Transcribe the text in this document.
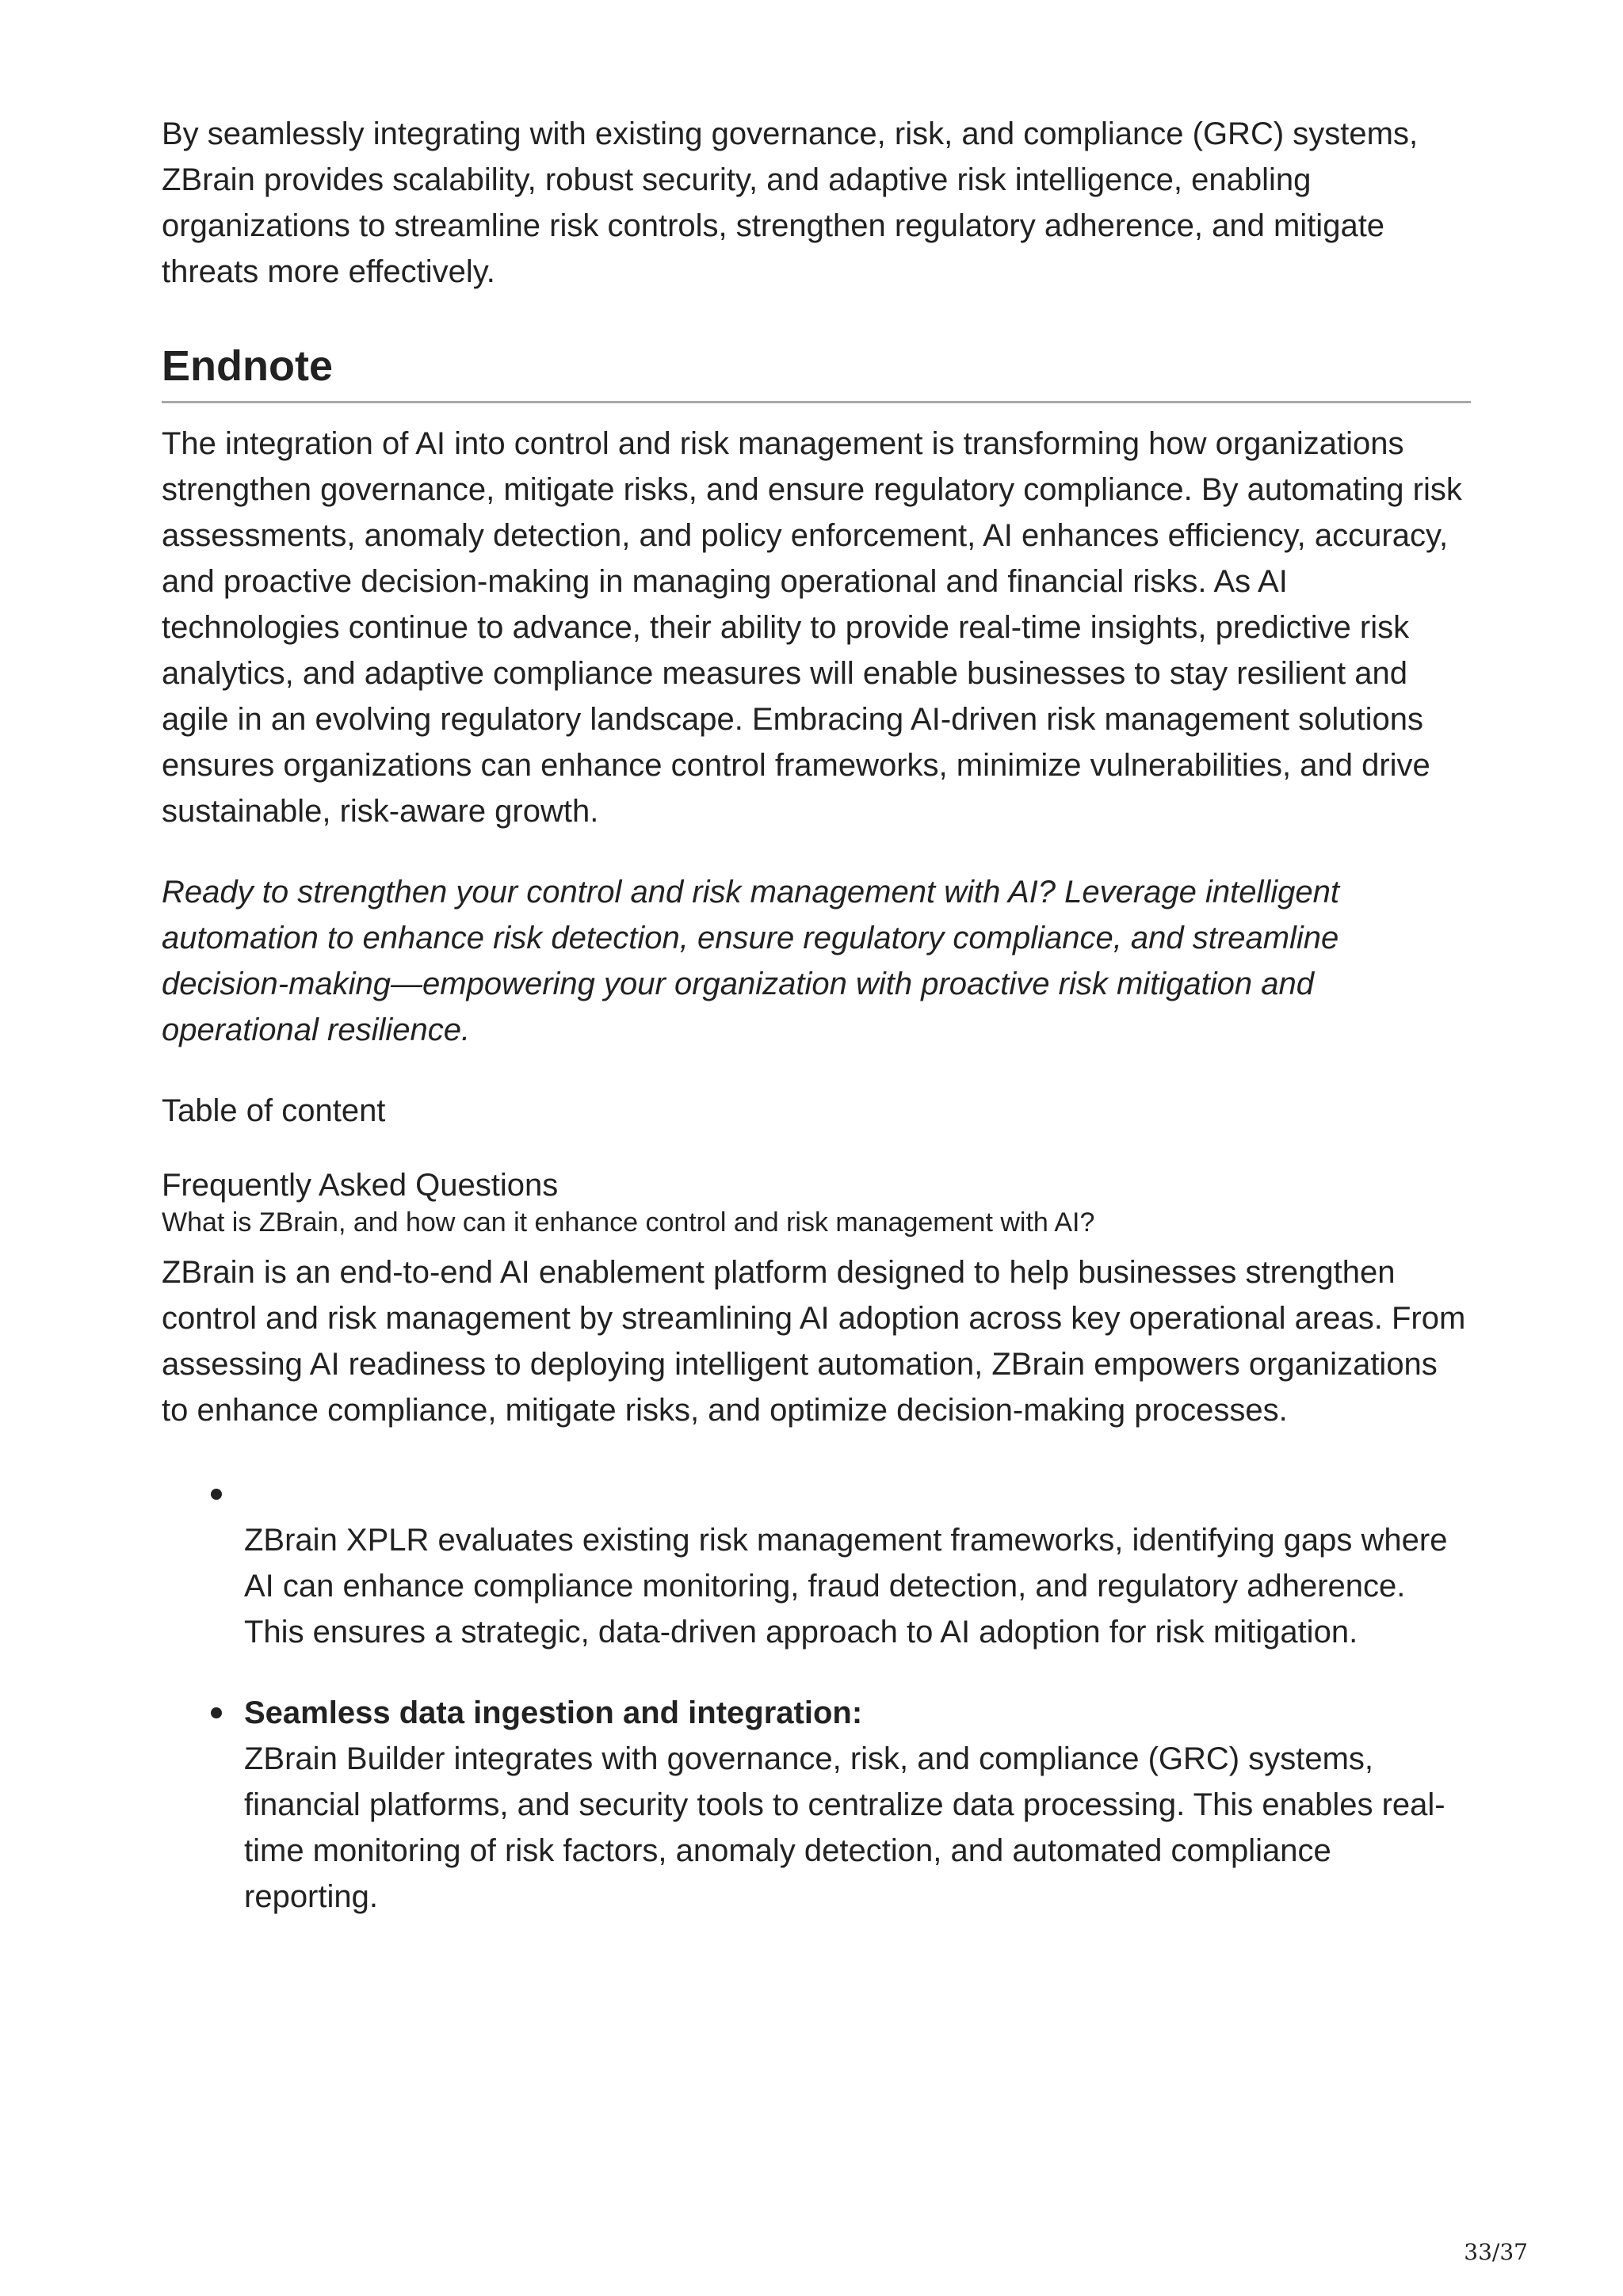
By seamlessly integrating with existing governance, risk, and compliance (GRC) systems, ZBrain provides scalability, robust security, and adaptive risk intelligence, enabling organizations to streamline risk controls, strengthen regulatory adherence, and mitigate threats more effectively.

Endnote

The integration of AI into control and risk management is transforming how organizations strengthen governance, mitigate risks, and ensure regulatory compliance. By automating risk assessments, anomaly detection, and policy enforcement, AI enhances efficiency, accuracy, and proactive decision-making in managing operational and financial risks. As AI technologies continue to advance, their ability to provide real-time insights, predictive risk analytics, and adaptive compliance measures will enable businesses to stay resilient and agile in an evolving regulatory landscape. Embracing AI-driven risk management solutions ensures organizations can enhance control frameworks, minimize vulnerabilities, and drive sustainable, risk-aware growth.

Ready to strengthen your control and risk management with AI? Leverage intelligent automation to enhance risk detection, ensure regulatory compliance, and streamline decision-making—empowering your organization with proactive risk mitigation and operational resilience.

Table of content
Frequently Asked Questions
What is ZBrain, and how can it enhance control and risk management with AI?

ZBrain is an end-to-end AI enablement platform designed to help businesses strengthen control and risk management by streamlining AI adoption across key operational areas. From assessing AI readiness to deploying intelligent automation, ZBrain empowers organizations to enhance compliance, mitigate risks, and optimize decision-making processes.

ZBrain XPLR evaluates existing risk management frameworks, identifying gaps where AI can enhance compliance monitoring, fraud detection, and regulatory adherence. This ensures a strategic, data-driven approach to AI adoption for risk mitigation.

Seamless data ingestion and integration:

ZBrain Builder integrates with governance, risk, and compliance (GRC) systems, financial platforms, and security tools to centralize data processing. This enables real-time monitoring of risk factors, anomaly detection, and automated compliance reporting.

33/37
